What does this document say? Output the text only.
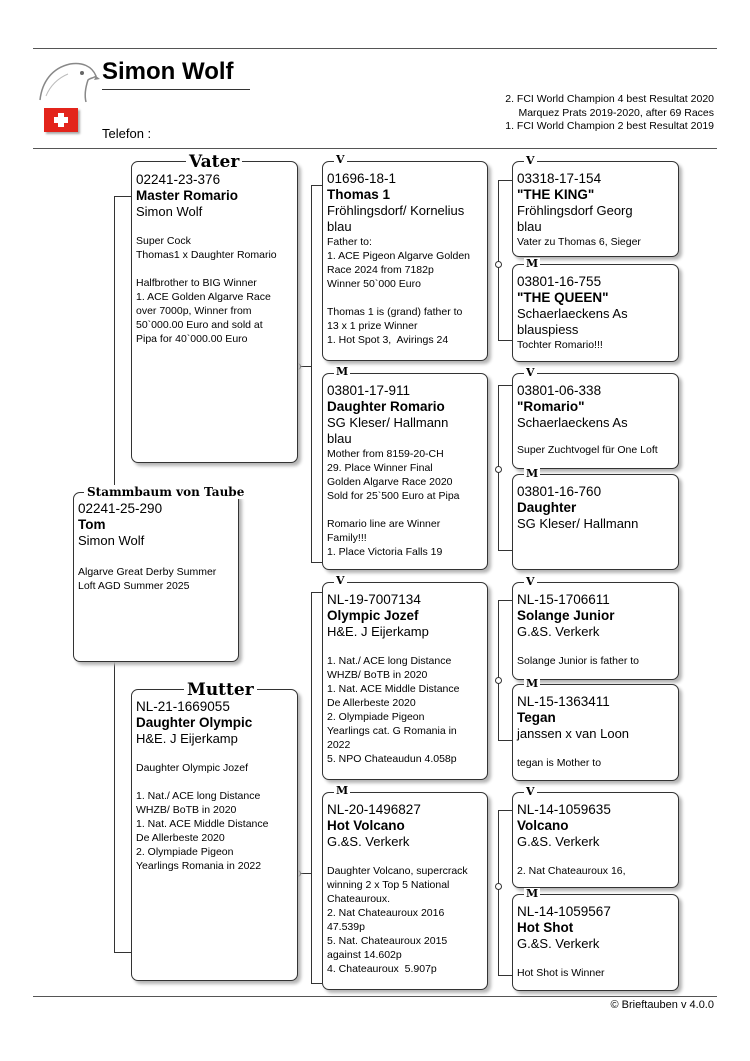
Simon Wolf
Telefon :
2. FCI World Champion 4 best Resultat 2020
Marquez Prats 2019-2020, after 69 Races
1. FCI World Champion 2 best Resultat 2019
02241-25-290
Tom
Simon Wolf
Algarve Great Derby Summer
Loft AGD Summer 2025
Stammbaum von Taube
02241-23-376
Master Romario
Simon Wolf
Super Cock
Thomas1 x Daughter Romario

Halfbrother to BIG Winner
1. ACE Golden Algarve Race
over 7000p, Winner from
50`000.00 Euro and sold at
Pipa for 40`000.00 Euro
Vater
NL-21-1669055
Daughter Olympic
H&E. J Eijerkamp
Daughter Olympic Jozef

1. Nat./ ACE long Distance
WHZB/ BoTB in 2020
1. Nat. ACE Middle Distance
De Allerbeste 2020
2. Olympiade Pigeon
Yearlings Romania in 2022
Mutter
01696-18-1
Thomas 1
Fröhlingsdorf/ Kornelius
blau
Father to:
1. ACE Pigeon Algarve Golden
Race 2024 from 7182p
Winner 50`000 Euro

Thomas 1 is (grand) father to
13 x 1 prize Winner
1. Hot Spot 3,  Avirings 24
V
03801-17-911
Daughter Romario
SG Kleser/ Hallmann
blau
Mother from 8159-20-CH
29. Place Winner Final
Golden Algarve Race 2020
Sold for 25`500 Euro at Pipa

Romario line are Winner
Family!!!
1. Place Victoria Falls 19
M
NL-19-7007134
Olympic Jozef
H&E. J Eijerkamp
1. Nat./ ACE long Distance
WHZB/ BoTB in 2020
1. Nat. ACE Middle Distance
De Allerbeste 2020
2. Olympiade Pigeon
Yearlings cat. G Romania in
2022
5. NPO Chateaudun 4.058p
V
NL-20-1496827
Hot Volcano
G.&S. Verkerk
Daughter Volcano, supercrack
winning 2 x Top 5 National
Chateauroux.
2. Nat Chateauroux 2016
47.539p
5. Nat. Chateauroux 2015
against 14.602p
4. Chateauroux  5.907p
M
03318-17-154
"THE KING"
Fröhlingsdorf Georg
blau
Vater zu Thomas 6, Sieger
V
03801-16-755
"THE QUEEN"
Schaerlaeckens As
blauspiess
Tochter Romario!!!
M
03801-06-338
"Romario"
Schaerlaeckens As
Super Zuchtvogel für One Loft
V
03801-16-760
Daughter
SG Kleser/ Hallmann
M
NL-15-1706611
Solange Junior
G.&S. Verkerk
Solange Junior is father to
V
NL-15-1363411
Tegan
janssen x van Loon
tegan is Mother to
M
NL-14-1059635
Volcano
G.&S. Verkerk
2. Nat Chateauroux 16,
V
NL-14-1059567
Hot Shot
G.&S. Verkerk
Hot Shot is Winner
M
© Brieftauben v 4.0.0
